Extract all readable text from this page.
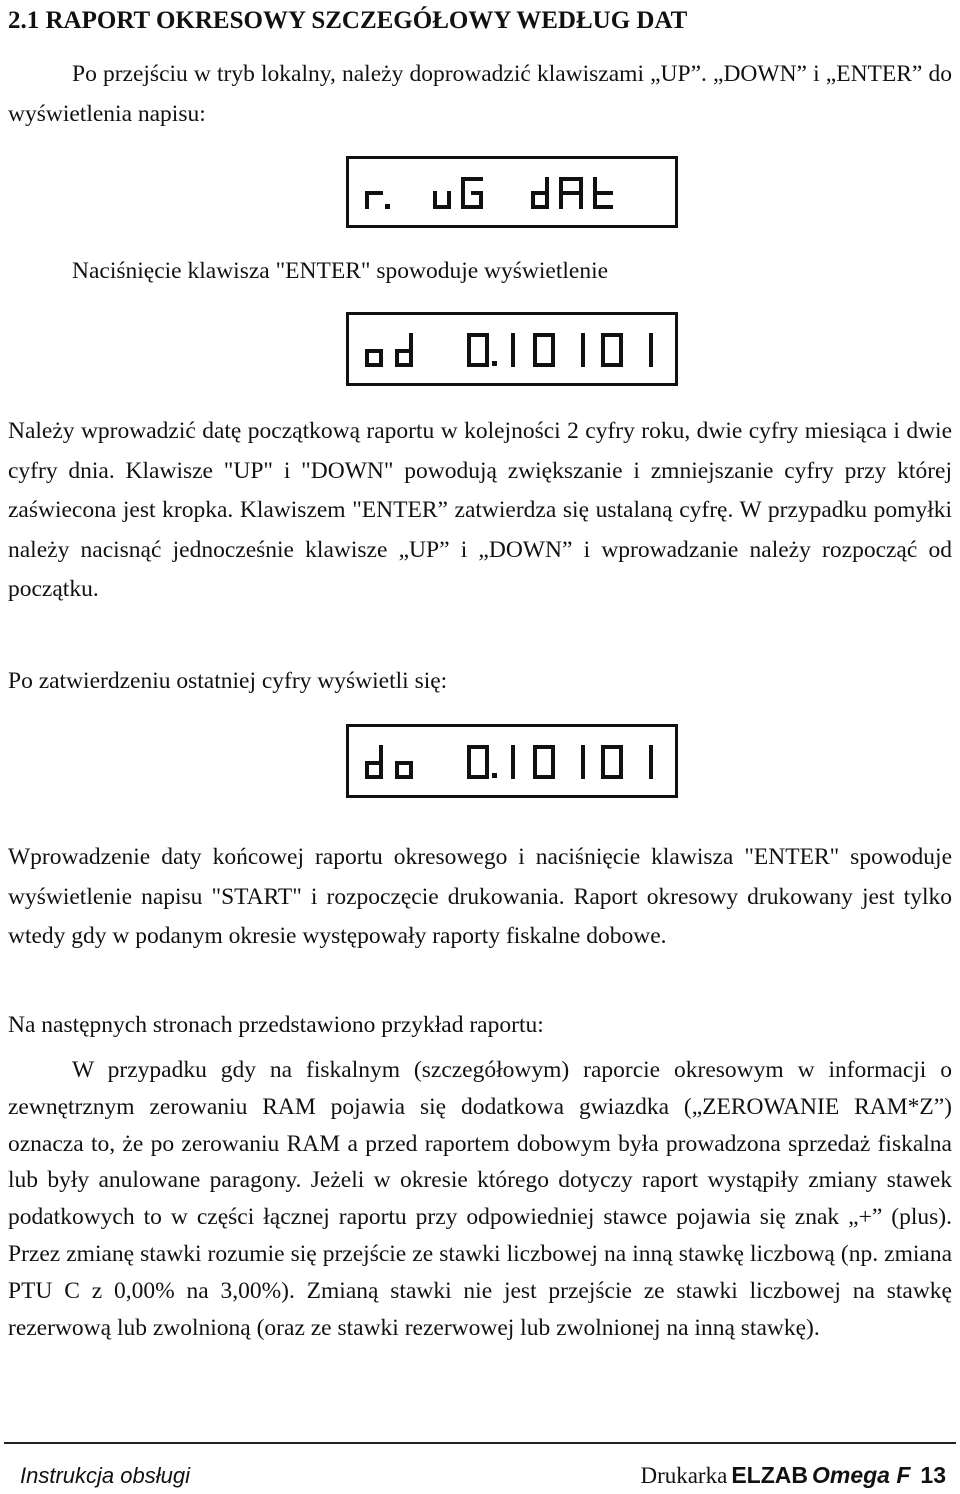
2.1 RAPORT OKRESOWY SZCZEGÓŁOWY WEDŁUG DAT
Po przejściu w tryb lokalny, należy doprowadzić klawiszami „UP”. „DOWN” i „ENTER” do wyświetlenia napisu:
Naciśnięcie klawisza "ENTER" spowoduje wyświetlenie
Należy wprowadzić datę początkową raportu w kolejności 2 cyfry roku, dwie cyfry miesiąca i dwie cyfry dnia. Klawisze "UP" i "DOWN" powodują zwiększanie i zmniejszanie cyfry przy której zaświecona jest kropka. Klawiszem "ENTER” zatwierdza się ustalaną cyfrę. W przypadku pomyłki należy nacisnąć jednocześnie klawisze „UP” i „DOWN” i wprowadzanie należy rozpocząć od początku.
Po zatwierdzeniu ostatniej cyfry wyświetli się:
Wprowadzenie daty końcowej raportu okresowego i naciśnięcie klawisza "ENTER" spowoduje wyświetlenie napisu "START" i rozpoczęcie drukowania. Raport okresowy drukowany jest tylko wtedy gdy w podanym okresie występowały raporty fiskalne dobowe.
Na następnych stronach przedstawiono przykład raportu:
W przypadku gdy na fiskalnym (szczegółowym) raporcie okresowym w informacji o zewnętrznym zerowaniu RAM pojawia się dodatkowa gwiazdka („ZEROWANIE RAM*Z”) oznacza to, że po zerowaniu RAM a przed raportem dobowym była prowadzona sprzedaż fiskalna lub były anulowane paragony. Jeżeli w okresie którego dotyczy raport wystąpiły zmiany stawek podatkowych to w części łącznej raportu przy odpowiedniej stawce pojawia się znak „+” (plus). Przez zmianę stawki rozumie się przejście ze stawki liczbowej na inną stawkę liczbową (np. zmiana PTU C z 0,00% na 3,00%). Zmianą stawki nie jest przejście ze stawki liczbowej na stawkę rezerwową lub zwolnioną (oraz ze stawki rezerwowej lub zwolnionej na inną stawkę).
Instrukcja obsługi	Drukarka ELZAB Omega F 13
